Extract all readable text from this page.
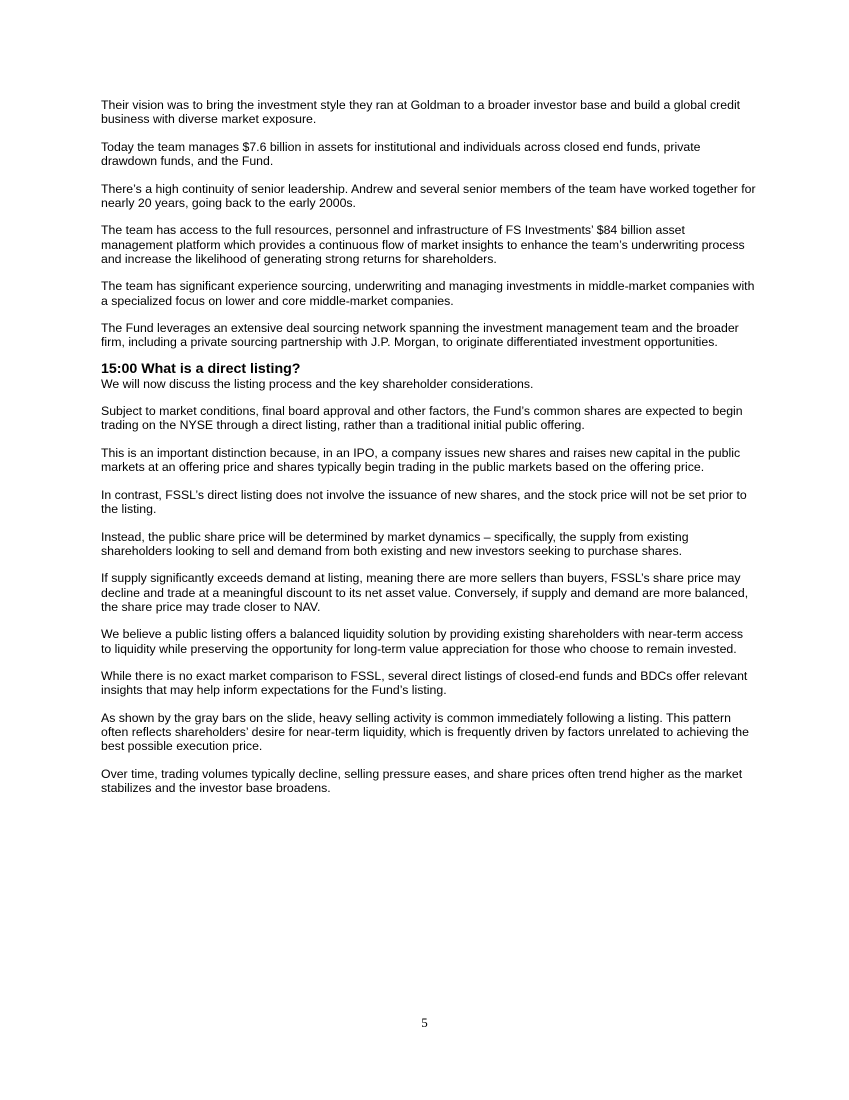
Their vision was to bring the investment style they ran at Goldman to a broader investor base and build a global credit business with diverse market exposure.

Today the team manages $7.6 billion in assets for institutional and individuals across closed end funds, private drawdown funds, and the Fund.

There’s a high continuity of senior leadership. Andrew and several senior members of the team have worked together for nearly 20 years, going back to the early 2000s.

The team has access to the full resources, personnel and infrastructure of FS Investments’ $84 billion asset management platform which provides a continuous flow of market insights to enhance the team’s underwriting process and increase the likelihood of generating strong returns for shareholders.

The team has significant experience sourcing, underwriting and managing investments in middle-market companies with a specialized focus on lower and core middle-market companies.

The Fund leverages an extensive deal sourcing network spanning the investment management team and the broader firm, including a private sourcing partnership with J.P. Morgan, to originate differentiated investment opportunities.

15:00 What is a direct listing?

We will now discuss the listing process and the key shareholder considerations.

Subject to market conditions, final board approval and other factors, the Fund’s common shares are expected to begin trading on the NYSE through a direct listing, rather than a traditional initial public offering.

This is an important distinction because, in an IPO, a company issues new shares and raises new capital in the public markets at an offering price and shares typically begin trading in the public markets based on the offering price.

In contrast, FSSL’s direct listing does not involve the issuance of new shares, and the stock price will not be set prior to the listing.

Instead, the public share price will be determined by market dynamics – specifically, the supply from existing shareholders looking to sell and demand from both existing and new investors seeking to purchase shares.

If supply significantly exceeds demand at listing, meaning there are more sellers than buyers, FSSL’s share price may decline and trade at a meaningful discount to its net asset value. Conversely, if supply and demand are more balanced, the share price may trade closer to NAV.

We believe a public listing offers a balanced liquidity solution by providing existing shareholders with near-term access to liquidity while preserving the opportunity for long-term value appreciation for those who choose to remain invested.

While there is no exact market comparison to FSSL, several direct listings of closed-end funds and BDCs offer relevant insights that may help inform expectations for the Fund’s listing.

As shown by the gray bars on the slide, heavy selling activity is common immediately following a listing. This pattern often reflects shareholders’ desire for near-term liquidity, which is frequently driven by factors unrelated to achieving the best possible execution price.

Over time, trading volumes typically decline, selling pressure eases, and share prices often trend higher as the market stabilizes and the investor base broadens.

5
